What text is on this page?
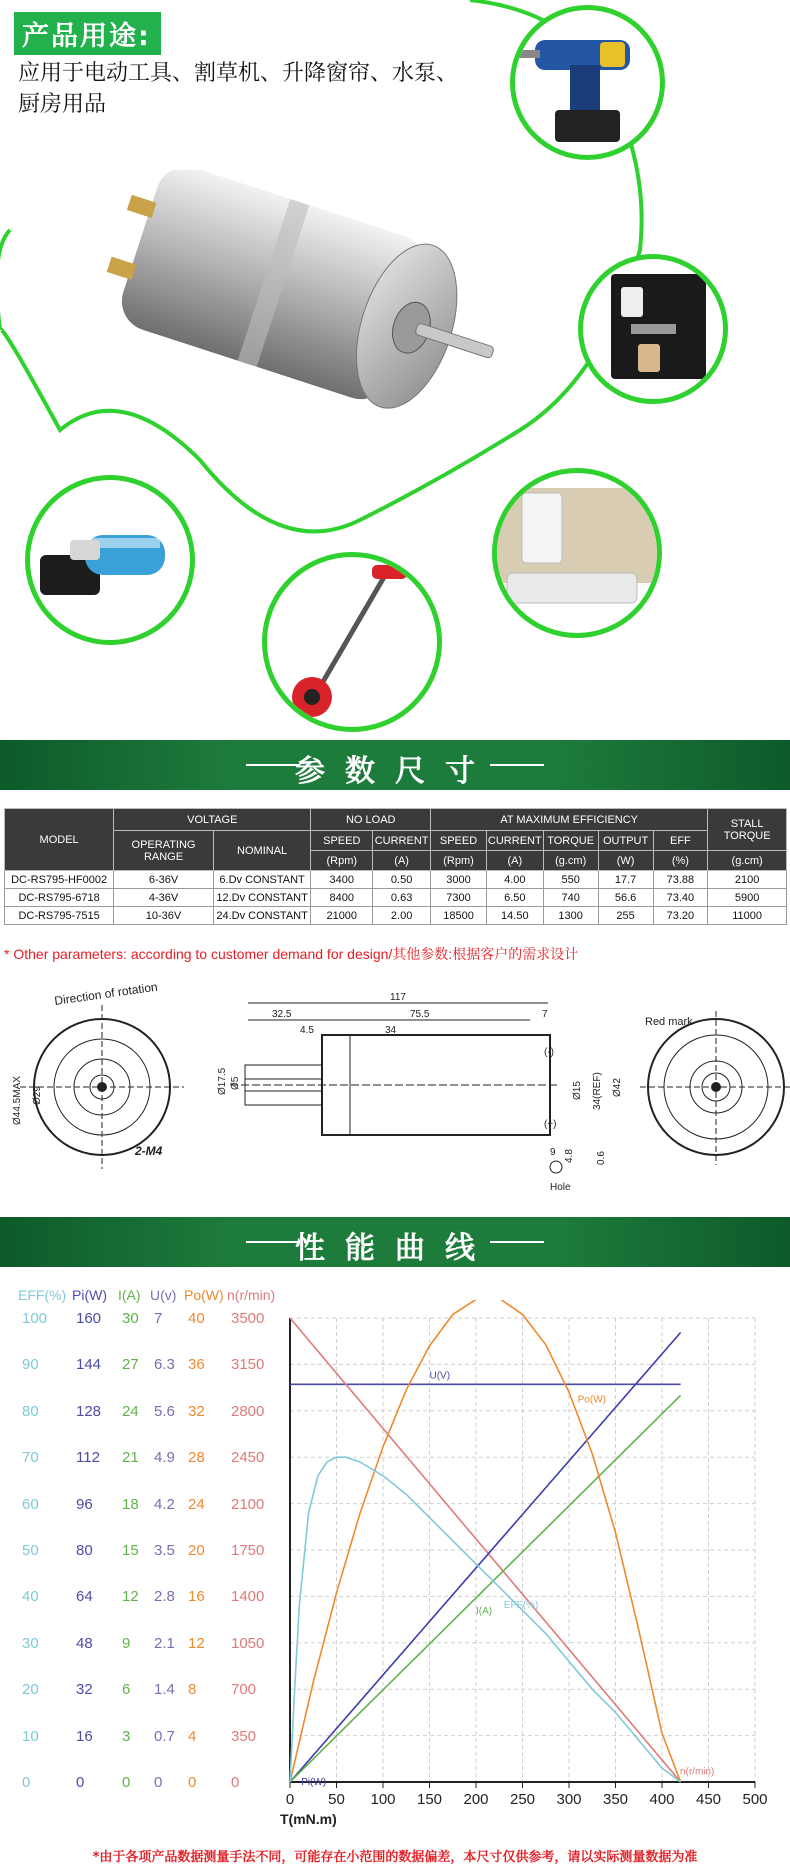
产品用途:
应用于电动工具、割草机、升降窗帘、水泵、厨房用品
参数尺寸
MODEL	VOLTAGE		NO LOAD		AT MAXIMUM EFFICIENCY					STALL TORQUE
	OPERATING RANGE	NOMINAL	SPEED	CURRENT	SPEED	CURRENT	TORQUE	OUTPUT	EFF	
			(Rpm)	(A)	(Rpm)	(A)	(g.cm)	(W)	(%)	(g.cm)
DC-RS795-HF0002	6-36V	6.Dv CONSTANT	3400	0.50	3000	4.00	550	17.7	73.88	2100
DC-RS795-6718	4-36V	12.Dv CONSTANT	8400	0.63	7300	6.50	740	56.6	73.40	5900
DC-RS795-7515	10-36V	24.Dv CONSTANT	21000	2.00	18500	14.50	1300	255	73.20	11000
* Other parameters: according to customer demand for design/其他参数:根据客户的需求设计
Direction of rotation
Ø44.5MAX Ø29
2-M4
117
32.5	75.5	7
4.5	34
Ø17.5 Ø5	Ø15 34(REF) Ø42
(-)
(+)
9 4.8 0.6
Hole
Red mark
性能曲线
EFF(%) Pi(W) I(A) U(v) Po(W) n(r/min)
100
90
80
70
60
50
40
30
20
10
0
160
144
128
112
96
80
64
48
32
16
0
30
27
24
21
18
15
12
9
6
3
0
7
6.3
5.6
4.9
4.2
3.5
2.8
2.1
1.4
0.7
0
40
36
32
28
24
20
16
12
8
4
0
3500
3150
2800
2450
2100
1750
1400
1050
700
350
0
0 50 100 150 200 250 300 350 400 450 500
T(mN.m)
U(V)
n(r/min)
Pi(W)
I(A)
Po(W)
EFF(%)
*由于各项产品数据测量手法不同，可能存在小范围的数据偏差，本尺寸仅供参考，请以实际测量数据为准
